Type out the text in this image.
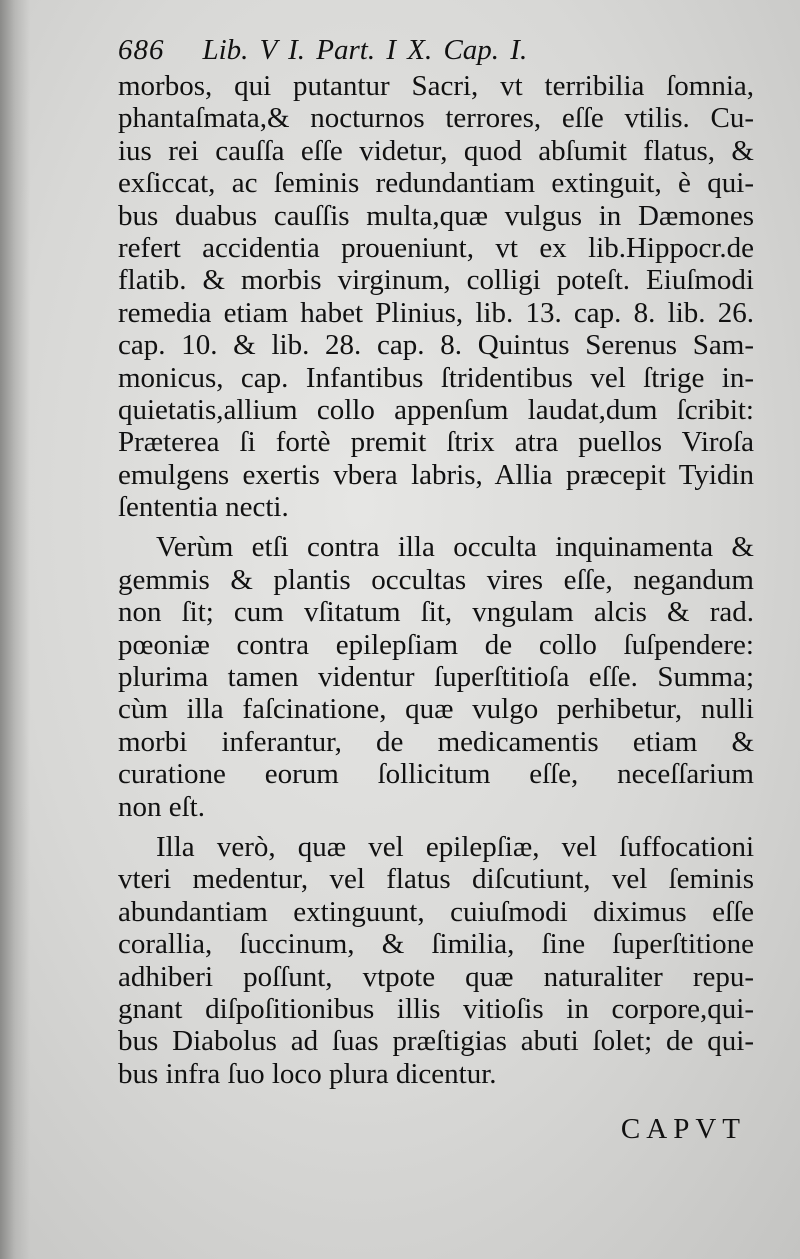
686 Lib. V I. Part. I X. Cap. I.
morbos, qui putantur Sacri, vt terribilia ſomnia,
phantaſmata,& nocturnos terrores, eſſe vtilis. Cu-
ius rei cauſſa eſſe videtur, quod abſumit flatus, &
exſiccat, ac ſeminis redundantiam extinguit, è qui-
bus duabus cauſſis multa,quæ vulgus in Dæmones
refert accidentia proueniunt, vt ex lib.Hippocr.de
flatib. & morbis virginum, colligi poteſt. Eiuſmodi
remedia etiam habet Plinius, lib. 13. cap. 8. lib. 26.
cap. 10. & lib. 28. cap. 8. Quintus Serenus Sam-
monicus, cap. Infantibus ſtridentibus vel ſtrige in-
quietatis,allium collo appenſum laudat,dum ſcribit:
Præterea ſi fortè premit ſtrix atra puellos Viroſa
emulgens exertis vbera labris, Allia præcepit Tyidin
ſententia necti.
Verùm etſi contra illa occulta inquinamenta &
gemmis & plantis occultas vires eſſe, negandum
non ſit; cum vſitatum ſit, vngulam alcis & rad.
pœoniæ contra epilepſiam de collo ſuſpendere:
plurima tamen videntur ſuperſtitioſa eſſe. Summa;
cùm illa faſcinatione, quæ vulgo perhibetur, nulli
morbi inferantur, de medicamentis etiam &
curatione eorum ſollicitum eſſe, neceſſarium
non eſt.
Illa verò, quæ vel epilepſiæ, vel ſuffocationi
vteri medentur, vel flatus diſcutiunt, vel ſeminis
abundantiam extinguunt, cuiuſmodi diximus eſſe
corallia, ſuccinum, & ſimilia, ſine ſuperſtitione
adhiberi poſſunt, vtpote quæ naturaliter repu-
gnant diſpoſitionibus illis vitioſis in corpore,qui-
bus Diabolus ad ſuas præſtigias abuti ſolet; de qui-
bus infra ſuo loco plura dicentur.
CAPVT
